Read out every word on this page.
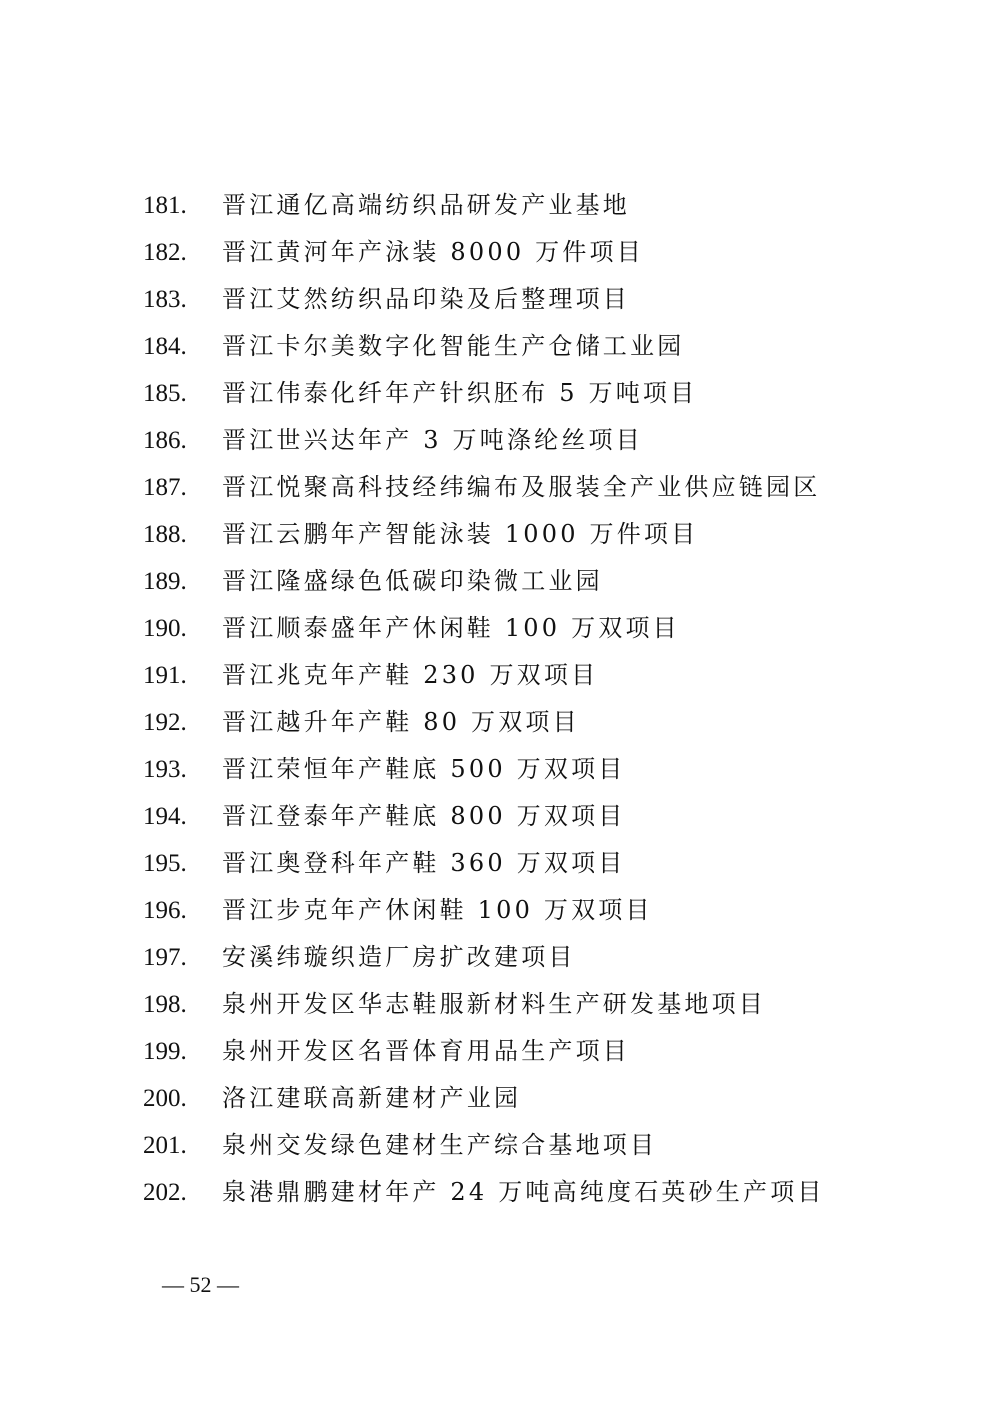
181. 晋江通亿高端纺织品研发产业基地
182. 晋江黄河年产泳装 8000 万件项目
183. 晋江艾然纺织品印染及后整理项目
184. 晋江卡尔美数字化智能生产仓储工业园
185. 晋江伟泰化纤年产针织胚布 5 万吨项目
186. 晋江世兴达年产 3 万吨涤纶丝项目
187. 晋江悦聚高科技经纬编布及服装全产业供应链园区
188. 晋江云鹏年产智能泳装 1000 万件项目
189. 晋江隆盛绿色低碳印染微工业园
190. 晋江顺泰盛年产休闲鞋 100 万双项目
191. 晋江兆克年产鞋 230 万双项目
192. 晋江越升年产鞋 80 万双项目
193. 晋江荣恒年产鞋底 500 万双项目
194. 晋江登泰年产鞋底 800 万双项目
195. 晋江奥登科年产鞋 360 万双项目
196. 晋江步克年产休闲鞋 100 万双项目
197. 安溪纬璇织造厂房扩改建项目
198. 泉州开发区华志鞋服新材料生产研发基地项目
199. 泉州开发区名晋体育用品生产项目
200. 洛江建联高新建材产业园
201. 泉州交发绿色建材生产综合基地项目
202. 泉港鼎鹏建材年产 24 万吨高纯度石英砂生产项目
— 52 —
